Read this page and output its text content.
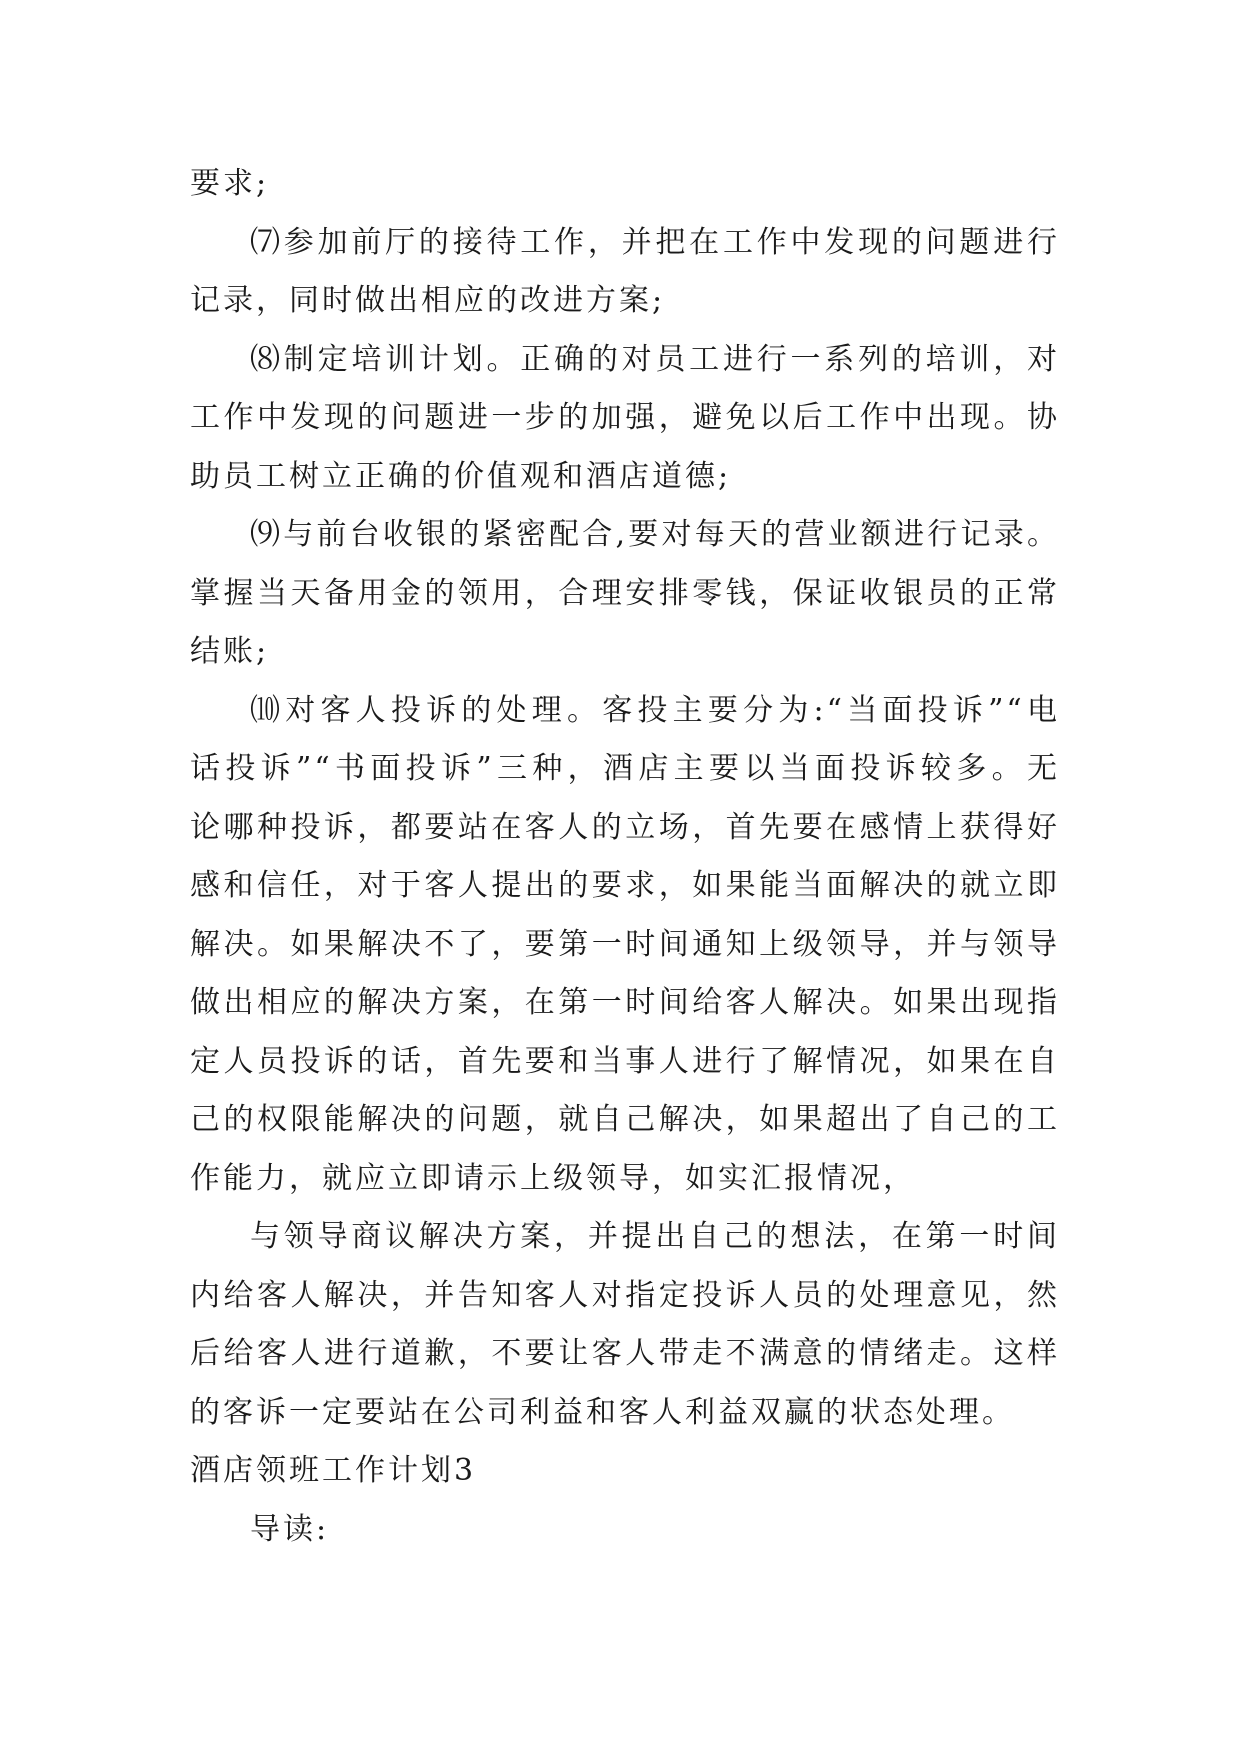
要求;
⑺参加前厅的接待工作，并把在工作中发现的问题进行
记录，同时做出相应的改进方案;
⑻制定培训计划。正确的对员工进行一系列的培训，对
工作中发现的问题进一步的加强，避免以后工作中出现。协
助员工树立正确的价值观和酒店道德;
⑼与前台收银的紧密配合,要对每天的营业额进行记录。
掌握当天备用金的领用，合理安排零钱，保证收银员的正常
结账;
⑽对客人投诉的处理。客投主要分为:“当面投诉”“电
话投诉”“书面投诉”三种，酒店主要以当面投诉较多。无
论哪种投诉，都要站在客人的立场，首先要在感情上获得好
感和信任，对于客人提出的要求，如果能当面解决的就立即
解决。如果解决不了，要第一时间通知上级领导，并与领导
做出相应的解决方案，在第一时间给客人解决。如果出现指
定人员投诉的话，首先要和当事人进行了解情况，如果在自
己的权限能解决的问题，就自己解决，如果超出了自己的工
作能力，就应立即请示上级领导，如实汇报情况，
与领导商议解决方案，并提出自己的想法，在第一时间
内给客人解决，并告知客人对指定投诉人员的处理意见，然
后给客人进行道歉，不要让客人带走不满意的情绪走。这样
的客诉一定要站在公司利益和客人利益双赢的状态处理。
酒店领班工作计划3
导读:
